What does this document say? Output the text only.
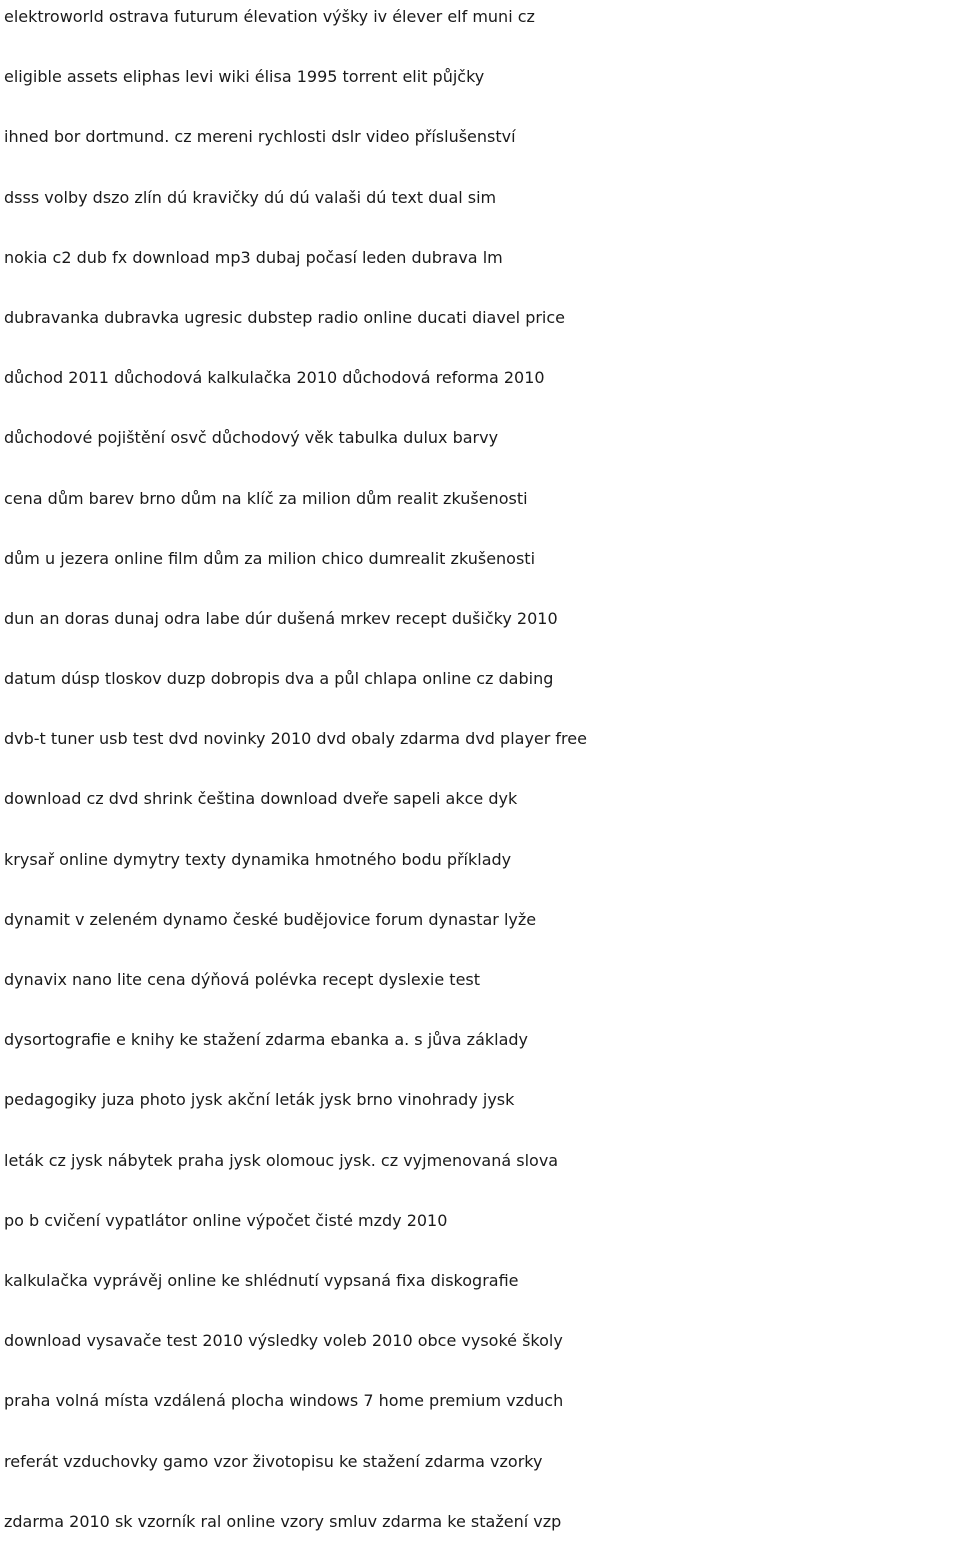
elektroworld ostrava futurum élevation výšky iv élever elf muni cz
eligible assets eliphas levi wiki élisa 1995 torrent elit půjčky
ihned bor dortmund. cz mereni rychlosti dslr video příslušenství
dsss volby dszo zlín dú kravičky dú dú valaši dú text dual sim
nokia c2 dub fx download mp3 dubaj počasí leden dubrava lm
dubravanka dubravka ugresic dubstep radio online ducati diavel price
důchod 2011 důchodová kalkulačka 2010 důchodová reforma 2010
důchodové pojištění osvč důchodový věk tabulka dulux barvy
cena dům barev brno dům na klíč za milion dům realit zkušenosti
dům u jezera online film dům za milion chico dumrealit zkušenosti
dun an doras dunaj odra labe dúr dušená mrkev recept dušičky 2010
datum dúsp tloskov duzp dobropis dva a půl chlapa online cz dabing
dvb-t tuner usb test dvd novinky 2010 dvd obaly zdarma dvd player free
download cz dvd shrink čeština download dveře sapeli akce dyk
krysař online dymytry texty dynamika hmotného bodu příklady
dynamit v zeleném dynamo české budějovice forum dynastar lyže
dynavix nano lite cena dýňová polévka recept dyslexie test
dysortografie e knihy ke stažení zdarma ebanka a. s jůva základy
pedagogiky juza photo jysk akční leták jysk brno vinohrady jysk
leták cz jysk nábytek praha jysk olomouc jysk. cz vyjmenovaná slova
po b cvičení vypatlátor online výpočet čisté mzdy 2010
kalkulačka vyprávěj online ke shlédnutí vypsaná fixa diskografie
download vysavače test 2010 výsledky voleb 2010 obce vysoké školy
praha volná místa vzdálená plocha windows 7 home premium vzduch
referát vzduchovky gamo vzor životopisu ke stažení zdarma vzorky
zdarma 2010 sk vzorník ral online vzory smluv zdarma ke stažení vzp
